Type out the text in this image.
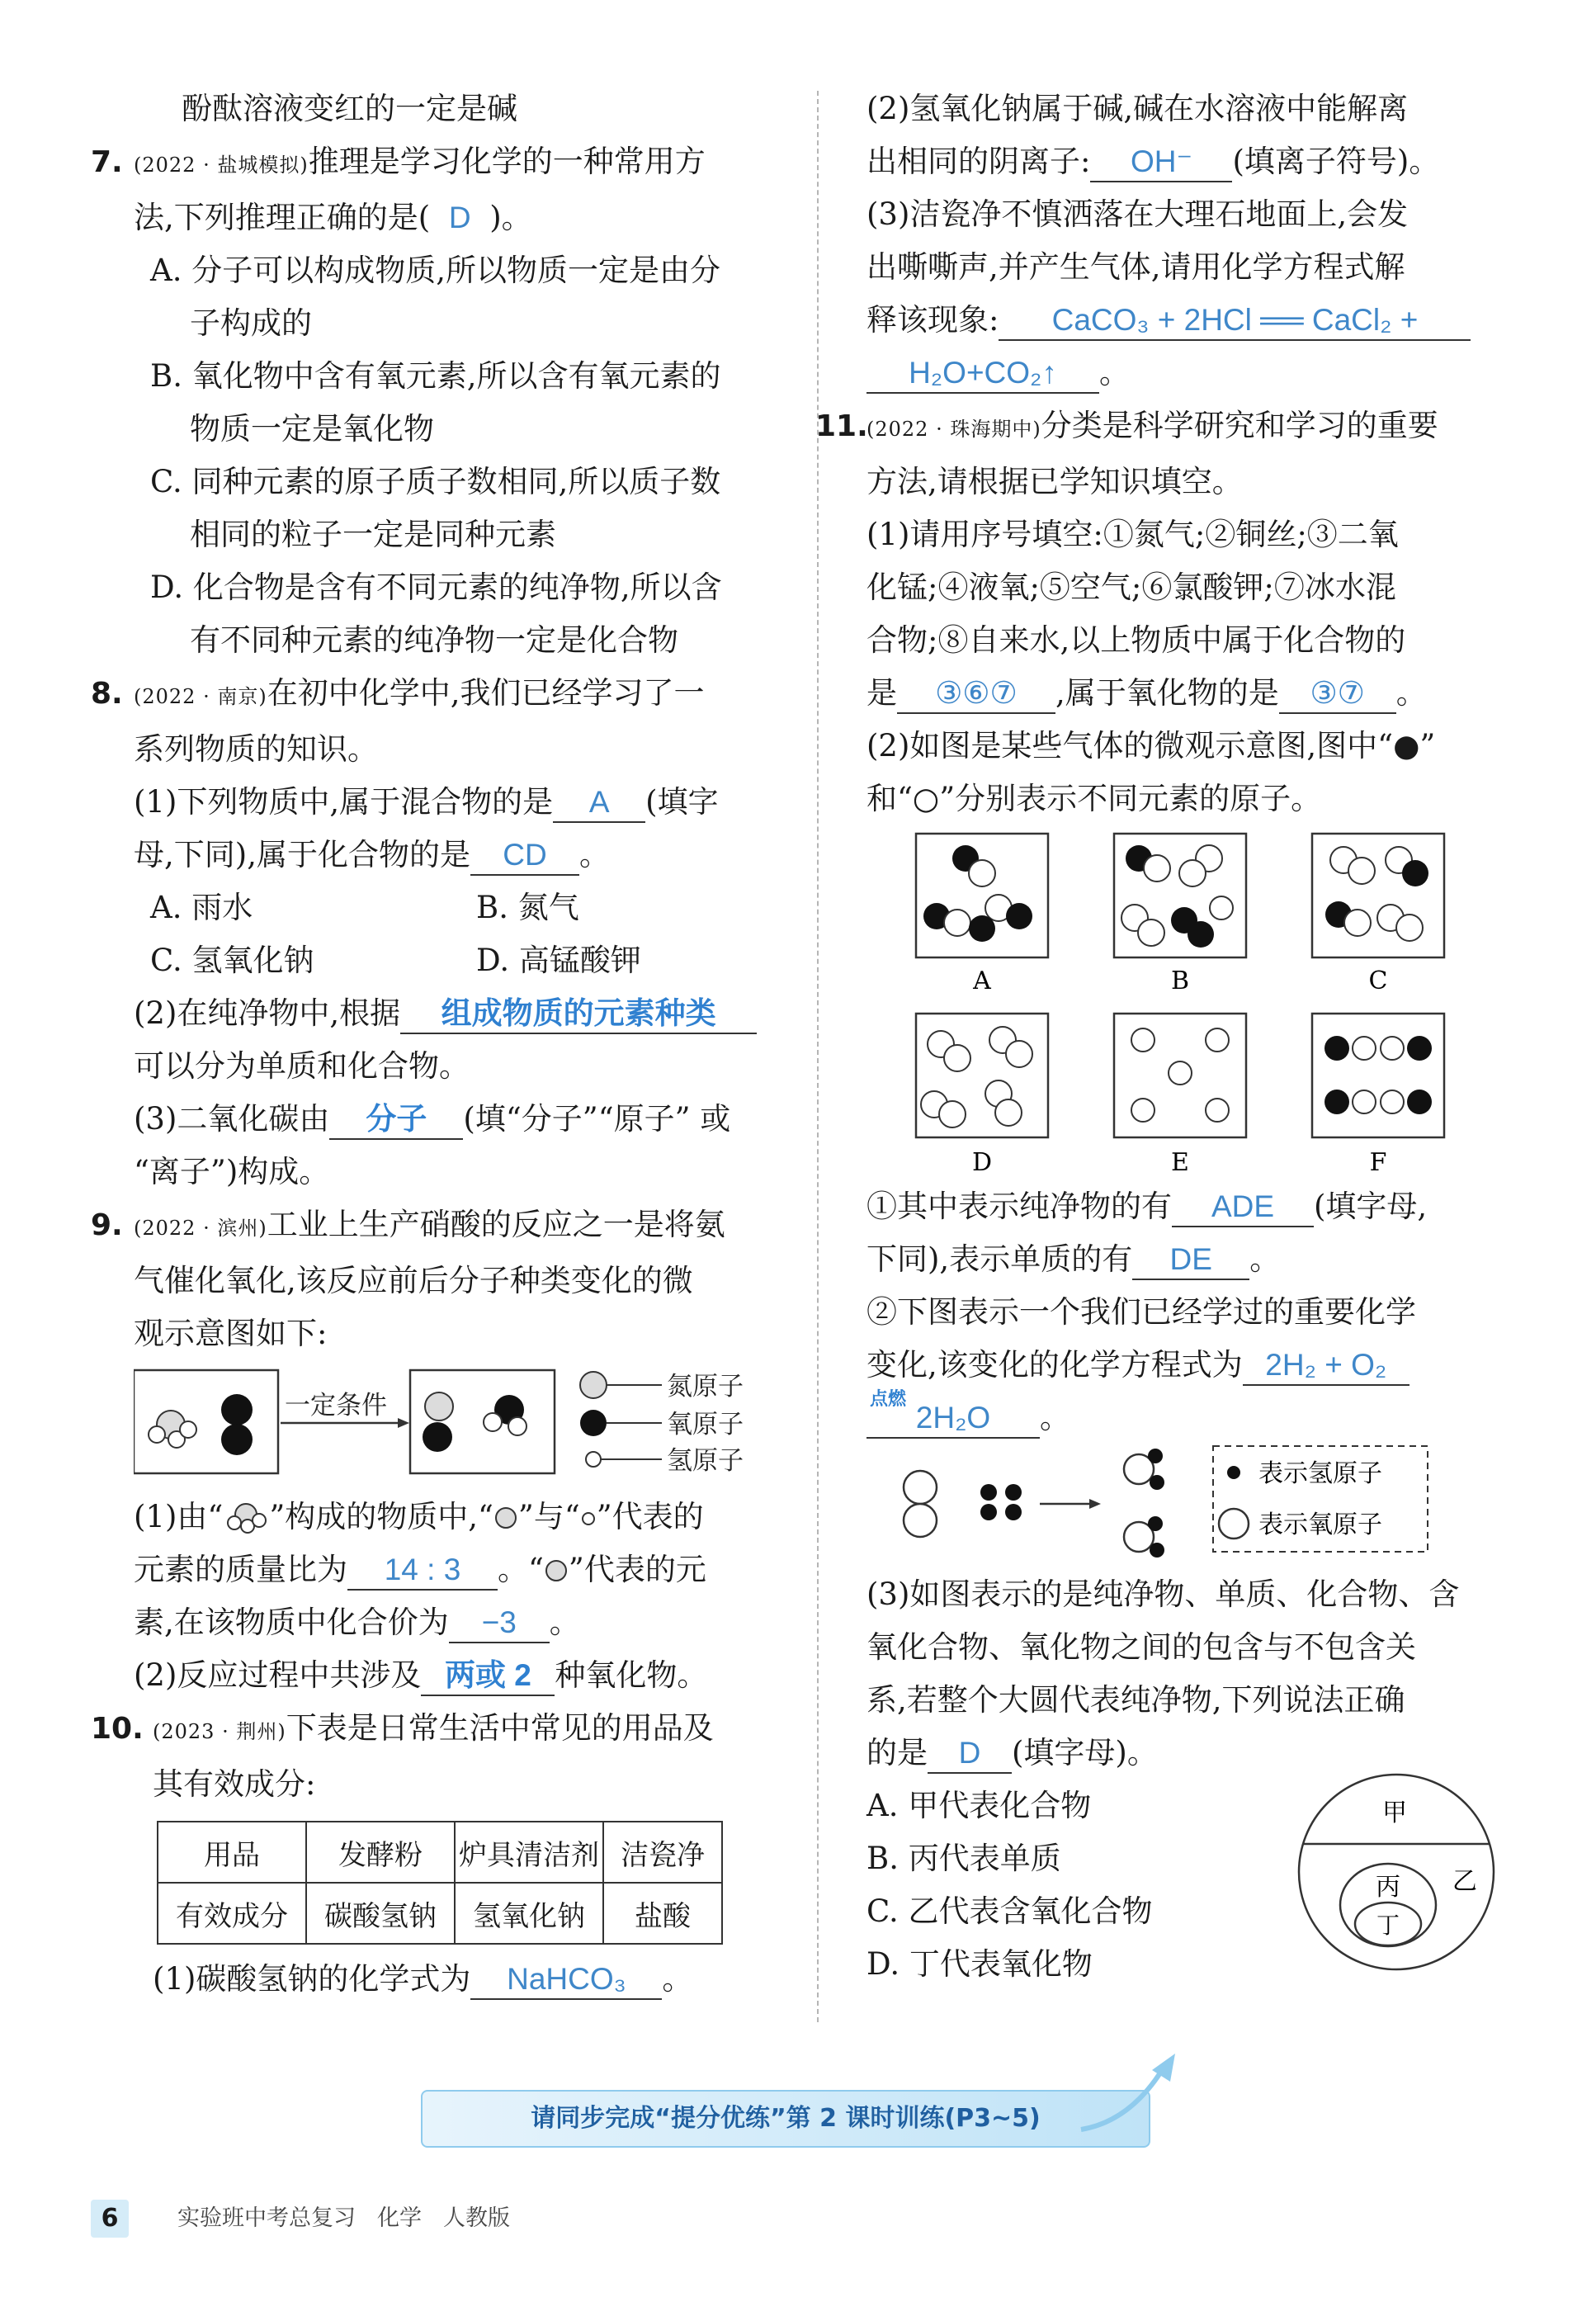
酚酞溶液变红的一定是碱
7. (2022 · 盐城模拟)推理是学习化学的一种常用方
法,下列推理正确的是( D )。
A. 分子可以构成物质,所以物质一定是由分
子构成的
B. 氧化物中含有氧元素,所以含有氧元素的
物质一定是氧化物
C. 同种元素的原子质子数相同,所以质子数
相同的粒子一定是同种元素
D. 化合物是含有不同元素的纯净物,所以含
有不同种元素的纯净物一定是化合物
8. (2022 · 南京)在初中化学中,我们已经学习了一
系列物质的知识。
(1)下列物质中,属于混合物的是 A (填字
母,下同),属于化合物的是 CD 。
A. 雨水	B. 氮气
C. 氢氧化钠	D. 高锰酸钾
(2)在纯净物中,根据 组成物质的元素种类
可以分为单质和化合物。
(3)二氧化碳由 分子 (填“分子”“原子” 或
“离子”)构成。
9. (2022 · 滨州)工业上生产硝酸的反应之一是将氨
气催化氧化,该反应前后分子种类变化的微
观示意图如下:
一定条件
氮原子
氧原子
氢原子
(1)由“ ”构成的物质中,“ ”与“ ”代表的
元素的质量比为 14 : 3 。“ ”代表的元
素,在该物质中化合价为 −3 。
(2)反应过程中共涉及 两或 2 种氧化物。
10. (2023 · 荆州)下表是日常生活中常见的用品及
其有效成分:
用品	发酵粉	炉具清洁剂	洁瓷净
有效成分	碳酸氢钠	氢氧化钠	盐酸
(1)碳酸氢钠的化学式为 NaHCO₃ 。
(2)氢氧化钠属于碱,碱在水溶液中能解离
出相同的阴离子: OH⁻ (填离子符号)。
(3)洁瓷净不慎洒落在大理石地面上,会发
出嘶嘶声,并产生气体,请用化学方程式解
释该现象: CaCO₃ + 2HCl ══ CaCl₂ +
H₂O+CO₂↑ 。
11.(2022 · 珠海期中)分类是科学研究和学习的重要
方法,请根据已学知识填空。
(1)请用序号填空:①氮气;②铜丝;③二氧
化锰;④液氧;⑤空气;⑥氯酸钾;⑦冰水混
合物;⑧自来水,以上物质中属于化合物的
是 ③⑥⑦ ,属于氧化物的是 ③⑦ 。
(2)如图是某些气体的微观示意图,图中“●”
和“○”分别表示不同元素的原子。
A	B	C
D	E	F
①其中表示纯净物的有 ADE (填字母,
下同),表示单质的有 DE 。
②下图表示一个我们已经学过的重要化学
变化,该变化的化学方程式为 2H₂ + O₂
点燃
2H₂O 。
表示氢原子
表示氧原子
(3)如图表示的是纯净物、单质、化合物、含
氧化合物、氧化物之间的包含与不包含关
系,若整个大圆代表纯净物,下列说法正确
的是 D (填字母)。
A. 甲代表化合物
B. 丙代表单质
C. 乙代表含氧化合物
D. 丁代表氧化物
甲
乙
丙
丁
请同步完成“提分优练”第 2 课时训练(P3~5)
6	实验班中考总复习 化学 人教版
